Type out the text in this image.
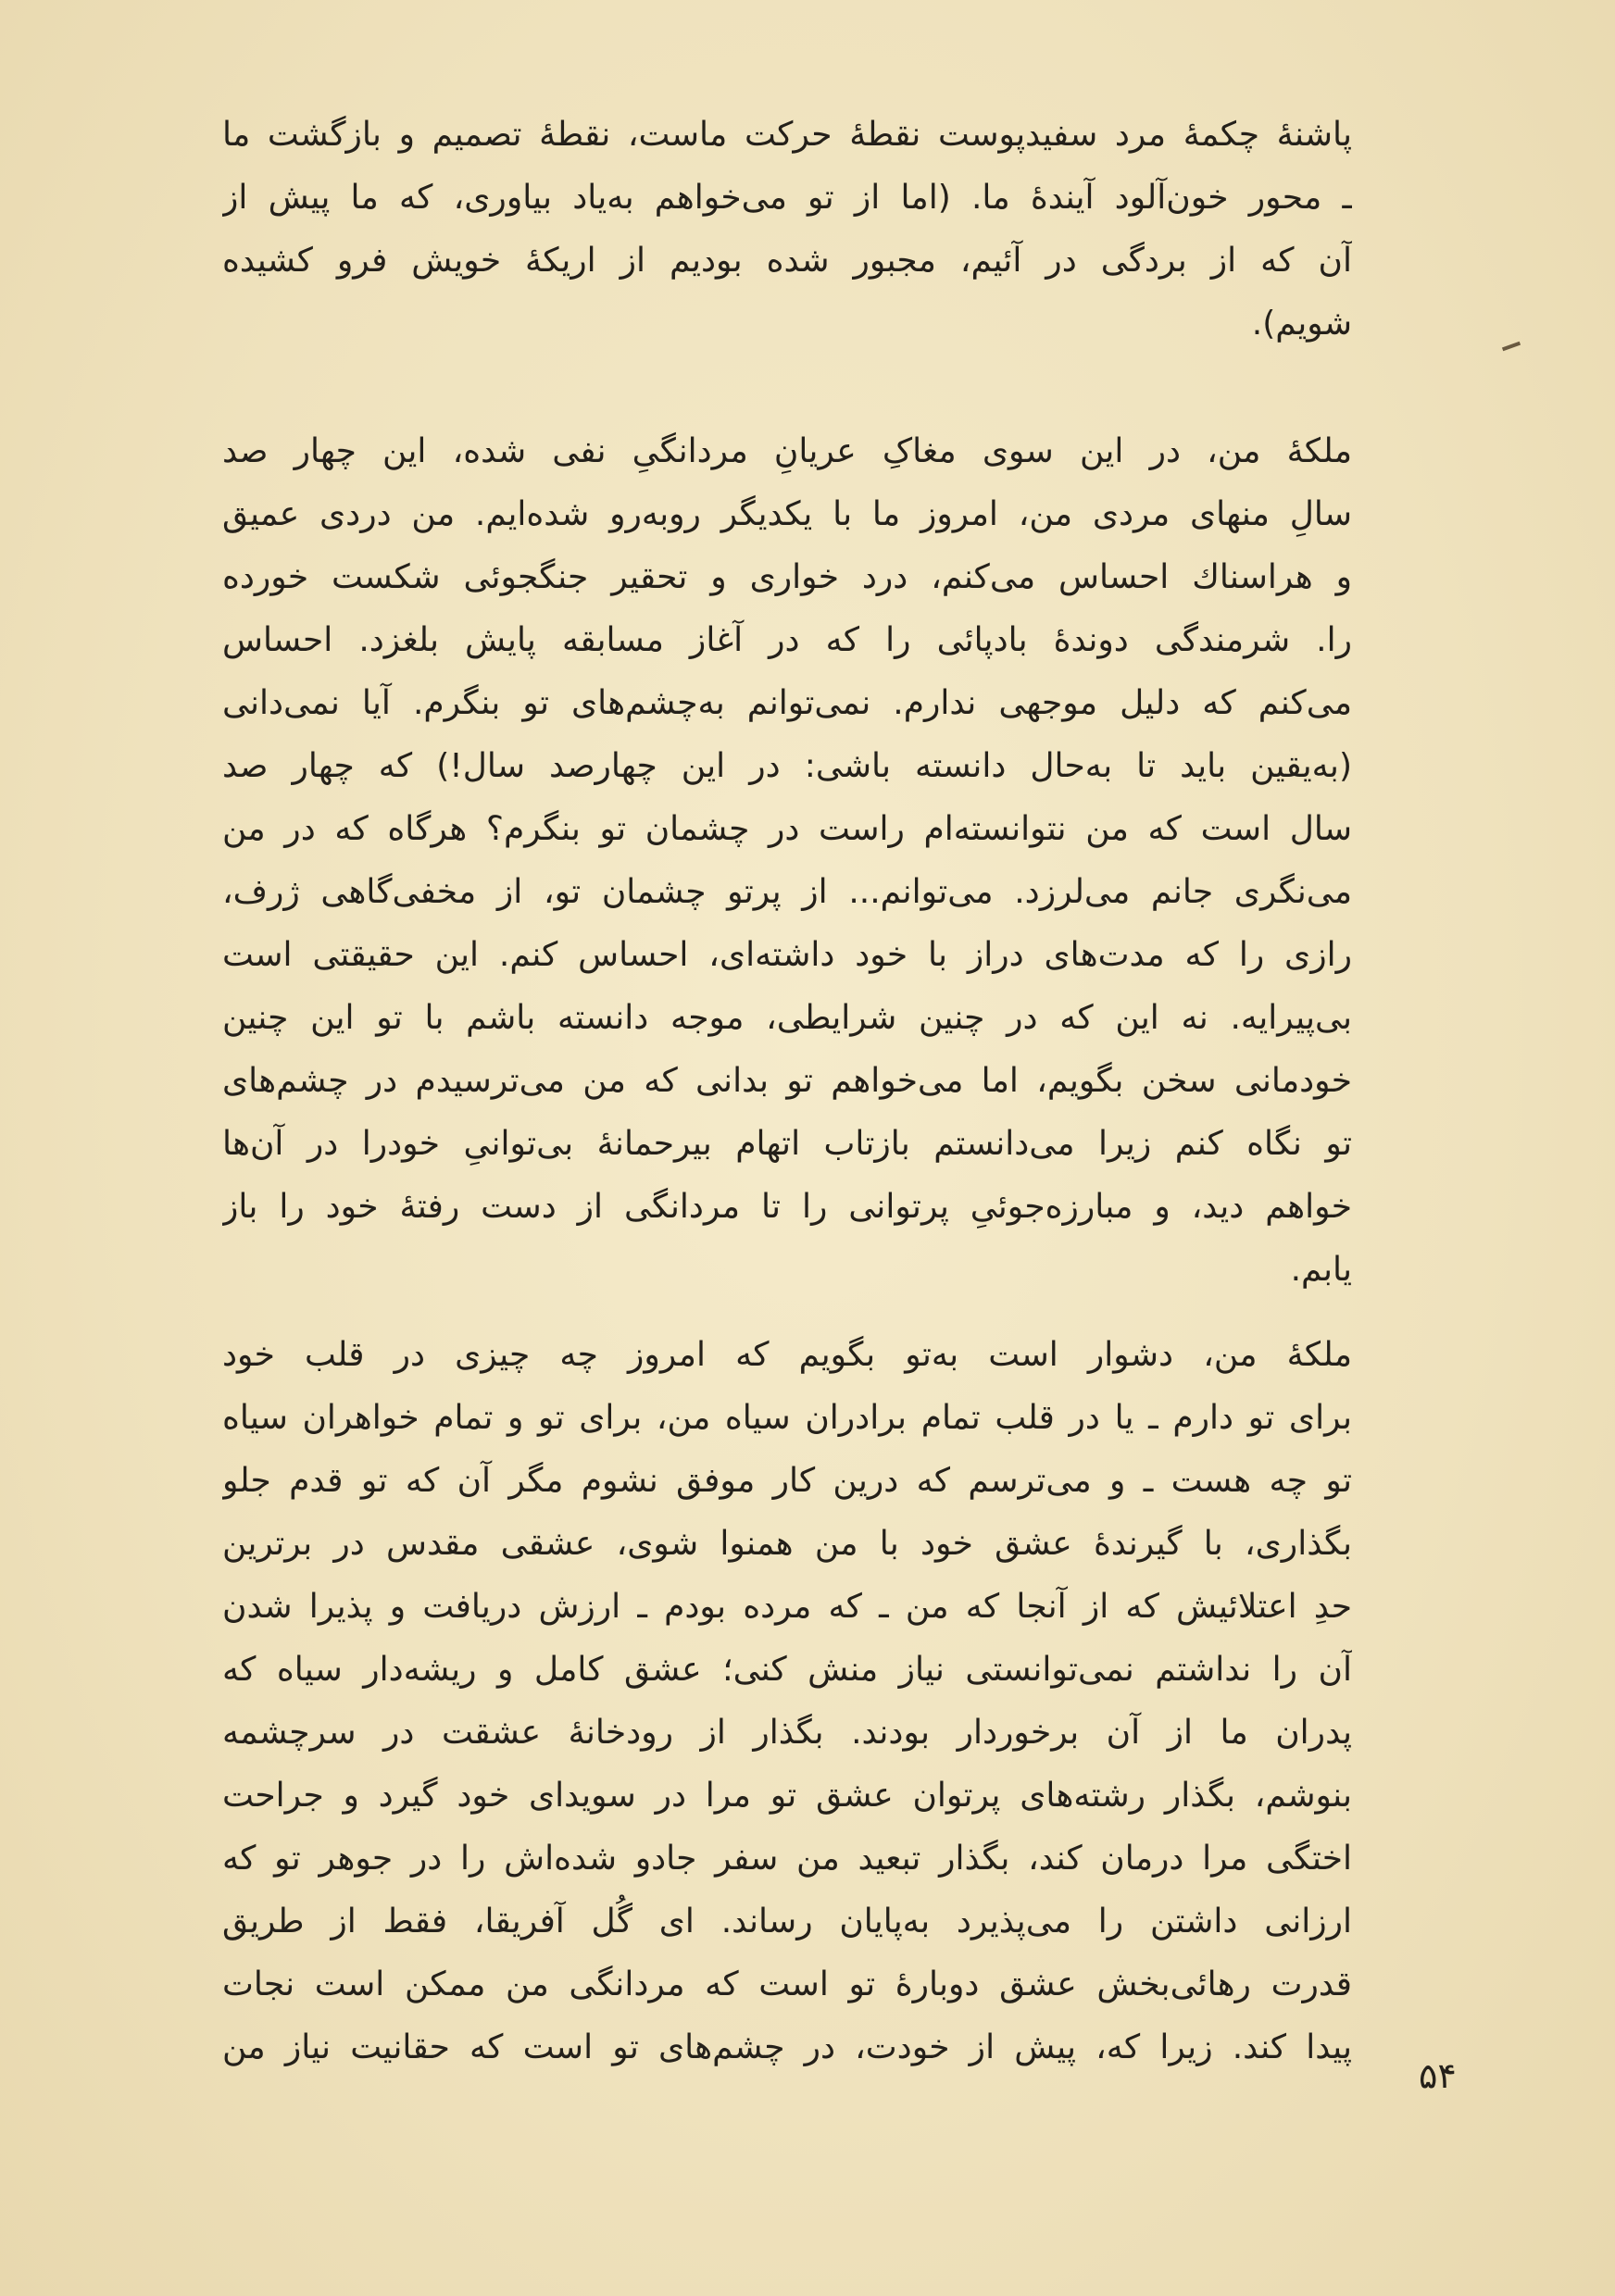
پاشنۀ چکمۀ مرد سفیدپوست نقطۀ حرکت ماست، نقطۀ تصمیم و بازگشت ما
ـ محور خون‌آلود آیندۀ ما. (اما از تو می‌خواهم به‌یاد بیاوری، که ما پیش از
آن که از بردگی در آئیم، مجبور شده بودیم از اریکۀ خویش فرو کشیده
شویم).
ملکۀ من، در این سوی مغاکِ عریانِ مردانگیِ نفی شده، این چهار صد
سالِ منهای مردی من، امروز ما با یکدیگر روبه‌رو شده‌ایم. من دردی عمیق
و هراسناك احساس می‌کنم، درد خواری و تحقیر جنگجوئی شکست خورده
را. شرمندگی دوندۀ بادپائی را که در آغاز مسابقه پایش بلغزد. احساس
می‌کنم که دلیل موجهی ندارم. نمی‌توانم به‌چشم‌های تو بنگرم. آیا نمی‌دانی
(به‌یقین باید تا به‌حال دانسته باشی: در این چهارصد سال!) که چهار صد
سال است که من نتوانسته‌ام راست در چشمان تو بنگرم؟ هرگاه که در من
می‌نگری جانم می‌لرزد. می‌توانم... از پرتو چشمان تو، از مخفی‌گاهی ژرف،
رازی را که مدت‌های دراز با خود داشته‌ای، احساس کنم. این حقیقتی است
بی‌پیرایه. نه این که در چنین شرایطی، موجه دانسته باشم با تو این چنین
خودمانی سخن بگویم، اما می‌خواهم تو بدانی که من می‌ترسیدم در چشم‌های
تو نگاه کنم زیرا می‌دانستم بازتاب اتهام بیرحمانۀ بی‌توانیِ خودرا در آن‌ها
خواهم دید، و مبارزه‌جوئیِ پرتوانی را تا مردانگی از دست رفتۀ خود را باز
یابم.
ملکۀ من، دشوار است به‌تو بگویم که امروز چه چیزی در قلب خود
برای تو دارم ـ یا در قلب تمام برادران سیاه من، برای تو و تمام خواهران سیاه
تو چه هست ـ و می‌ترسم که درین کار موفق نشوم مگر آن که تو قدم جلو
بگذاری، با گیرندۀ عشق خود با من همنوا شوی، عشقی مقدس در برترین
حدِ اعتلائیش که از آنجا که من ـ که مرده بودم ـ ارزش دریافت و پذیرا شدن
آن را نداشتم نمی‌توانستی نیاز منش کنی؛ عشق کامل و ریشه‌دار سیاه که
پدران ما از آن برخوردار بودند. بگذار از رودخانۀ عشقت در سرچشمه
بنوشم، بگذار رشته‌های پرتوان عشق تو مرا در سویدای خود گیرد و جراحت
اختگی مرا درمان کند، بگذار تبعید من سفر جادو شده‌اش را در جوهر تو که
ارزانی داشتن را می‌پذیرد به‌پایان رساند. ای گُل آفریقا، فقط از طریق
قدرت رهائی‌بخش عشق دوبارۀ تو است که مردانگی من ممکن است نجات
پیدا کند. زیرا که، پیش از خودت، در چشم‌های تو است که حقانیت نیاز من
۵۴
